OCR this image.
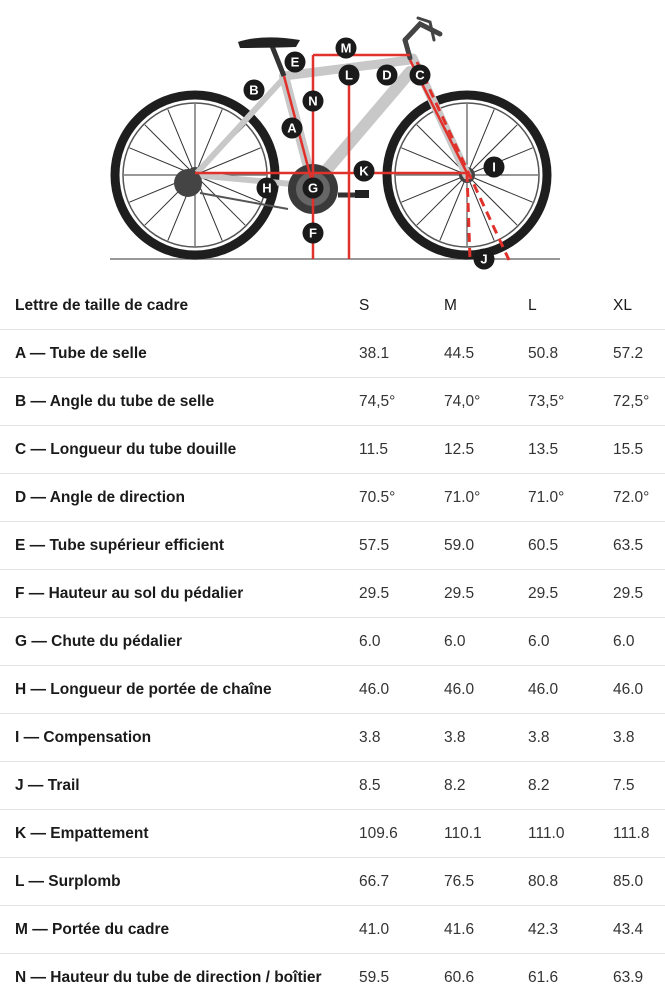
A
B
C
D
E
F
G
H
I
J
K
L
M
N
Lettre de taille de cadre	S	M	L	XL
A — Tube de selle	38.1	44.5	50.8	57.2
B — Angle du tube de selle	74,5°	74,0°	73,5°	72,5°
C — Longueur du tube douille	11.5	12.5	13.5	15.5
D — Angle de direction	70.5°	71.0°	71.0°	72.0°
E — Tube supérieur efficient	57.5	59.0	60.5	63.5
F — Hauteur au sol du pédalier	29.5	29.5	29.5	29.5
G — Chute du pédalier	6.0	6.0	6.0	6.0
H — Longueur de portée de chaîne	46.0	46.0	46.0	46.0
I — Compensation	3.8	3.8	3.8	3.8
J — Trail	8.5	8.2	8.2	7.5
K — Empattement	109.6	110.1	111.0	111.8
L — Surplomb	66.7	76.5	80.8	85.0
M — Portée du cadre	41.0	41.6	42.3	43.4
N — Hauteur du tube de direction / boîtier	59.5	60.6	61.6	63.9
